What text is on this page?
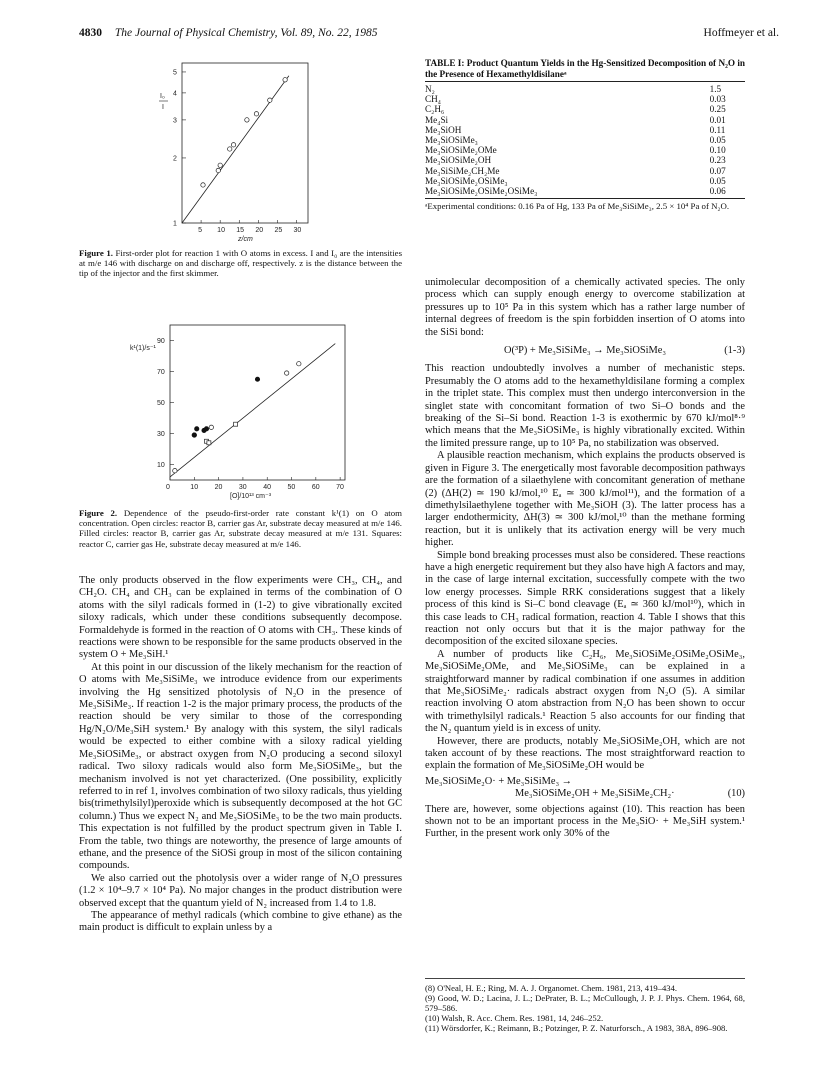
4830 The Journal of Physical Chemistry, Vol. 89, No. 22, 1985	Hoffmeyer et al.
5 10 15 20 25 30
1
2
3
4
5
I₀
I
z/cm
Figure 1. First-order plot for reaction 1 with O atoms in excess. I and I₀ are the intensities at m/e 146 with discharge on and discharge off, respectively. z is the distance between the tip of the injector and the first skimmer.
0	10 20 30 40 50 60 70
10
30
50
70
90
k¹(1)/s⁻¹
[O]/10¹³ cm⁻³
Figure 2. Dependence of the pseudo-first-order rate constant k¹(1) on O atom concentration. Open circles: reactor B, carrier gas Ar, substrate decay measured at m/e 146. Filled circles: reactor B, carrier gas Ar, substrate decay measured at m/e 131. Squares: reactor C, carrier gas He, substrate decay measured at m/e 146.

The only products observed in the flow experiments were CH₃, CH₄, and CH₂O. CH₄ and CH₃ can be explained in terms of the combination of O atoms with the silyl radicals formed in (1-2) to give vibrationally excited siloxy radicals, which under these conditions subsequently decompose. Formaldehyde is formed in the reaction of O atoms with CH₃. These kinds of reactions were shown to be responsible for the same products observed in the system O + Me₃SiH.¹

At this point in our discussion of the likely mechanism for the reaction of O atoms with Me₃SiSiMe₃ we introduce evidence from our experiments involving the Hg sensitized photolysis of N₂O in the presence of Me₃SiSiMe₃. If reaction 1-2 is the major primary process, the products of the reaction should be very similar to those of the corresponding Hg/N₂O/Me₃SiH system.¹ By analogy with this system, the silyl radicals would be expected to either combine with a siloxy radical yielding Me₃SiOSiMe₃, or abstract oxygen from N₂O producing a second siloxyl radical. Two siloxy radicals would also form Me₃SiOSiMe₃, but the mechanism involved is not yet characterized. (One possibility, explicitly referred to in ref 1, involves combination of two siloxy radicals, thus yielding bis(trimethylsilyl)peroxide which is subsequently decomposed at the hot GC column.) Thus we expect N₂ and Me₃SiOSiMe₃ to be the two main products. This expectation is not fulfilled by the product spectrum given in Table I. From the table, two things are noteworthy, the presence of large amounts of ethane, and the presence of the SiOSi group in most of the silicon containing compounds.

We also carried out the photolysis over a wider range of N₂O pressures (1.2 × 10⁴–9.7 × 10⁴ Pa). No major changes in the product distribution were observed except that the quantum yield of N₂ increased from 1.4 to 1.8.

The appearance of methyl radicals (which combine to give ethane) as the main product is difficult to explain unless by a

TABLE I: Product Quantum Yields in the Hg-Sensitized Decomposition of N₂O in the Presence of Hexamethyldisilaneᵃ
N₂	1.5
CH₄	0.03
C₂H₆	0.25
Me₄Si	0.01
Me₃SiOH	0.11
Me₃SiOSiMe₃	0.05
Me₃SiOSiMe₂OMe	0.10
Me₃SiOSiMe₂OH	0.23
Me₃SiSiMe₂CH₂Me	0.07
Me₃SiOSiMe₂OSiMe₃	0.05
Me₃SiOSiMe₂OSiMe₂OSiMe₃	0.06
ᵃExperimental conditions: 0.16 Pa of Hg, 133 Pa of Me₃SiSiMe₃, 2.5 × 10⁴ Pa of N₂O.

unimolecular decomposition of a chemically activated species. The only process which can supply enough energy to overcome stabilization at pressures up to 10⁵ Pa in this system which has a rather large number of internal degrees of freedom is the spin forbidden insertion of O atoms into the SiSi bond:

O(³P) + Me₃SiSiMe₃ → Me₃SiOSiMe₃	(1-3)

This reaction undoubtedly involves a number of mechanistic steps. Presumably the O atoms add to the hexamethyldisilane forming a complex in the triplet state. This complex must then undergo interconversion in the singlet state with concomitant formation of two Si–O bonds and the breaking of the Si–Si bond. Reaction 1-3 is exothermic by 670 kJ/mol⁸·⁹ which means that the Me₃SiOSiMe₃ is highly vibrationally excited. Within the limited pressure range, up to 10⁵ Pa, no stabilization was observed.

A plausible reaction mechanism, which explains the products observed is given in Figure 3. The energetically most favorable decomposition pathways are the formation of a silaethylene with concomitant generation of methane (2) (ΔH(2) ≃ 190 kJ/mol,¹⁰ Eₐ ≃ 300 kJ/mol¹¹), and the formation of a dimethylsilaethylene together with Me₃SiOH (3). The latter process has a larger endothermicity, ΔH(3) ≃ 300 kJ/mol,¹⁰ than the methane forming reaction, but it is unlikely that its activation energy will be very much higher.

Simple bond breaking processes must also be considered. These reactions have a high energetic requirement but they also have high A factors and may, in the case of large internal excitation, successfully compete with the two low energy processes. Simple RRK considerations suggest that a likely process of this kind is Si–C bond cleavage (Eₐ ≃ 360 kJ/mol¹⁰), which in this case leads to CH₃ radical formation, reaction 4. Table I shows that this reaction not only occurs but that it is the major pathway for the decomposition of the excited siloxane species.

A number of products like C₂H₆, Me₃SiOSiMe₂OSiMe₂OSiMe₃, Me₃SiOSiMe₂OMe, and Me₃SiOSiMe₃ can be explained in a straightforward manner by radical combination if one assumes in addition that Me₃SiOSiMe₂· radicals abstract oxygen from N₂O (5). A similar reaction involving O atom abstraction from N₂O has been shown to occur with trimethylsilyl radicals.¹ Reaction 5 also accounts for our finding that the N₂ quantum yield is in excess of unity.

However, there are products, notably Me₃SiOSiMe₂OH, which are not taken account of by these reactions. The most straightforward reaction to explain the formation of Me₃SiOSiMe₂OH would be

Me₃SiOSiMe₂O· + Me₃SiSiMe₃ →
Me₃SiOSiMe₂OH + Me₃SiSiMe₂CH₂·	(10)

There are, however, some objections against (10). This reaction has been shown not to be an important process in the Me₃SiO· + Me₃SiH system.¹ Further, in the present work only 30% of the

(8) O'Neal, H. E.; Ring, M. A. J. Organomet. Chem. 1981, 213, 419–434.
(9) Good, W. D.; Lacina, J. L.; DePrater, B. L.; McCullough, J. P. J. Phys. Chem. 1964, 68, 579–586.
(10) Walsh, R. Acc. Chem. Res. 1981, 14, 246–252.
(11) Wörsdorfer, K.; Reimann, B.; Potzinger, P. Z. Naturforsch., A 1983, 38A, 896–908.
